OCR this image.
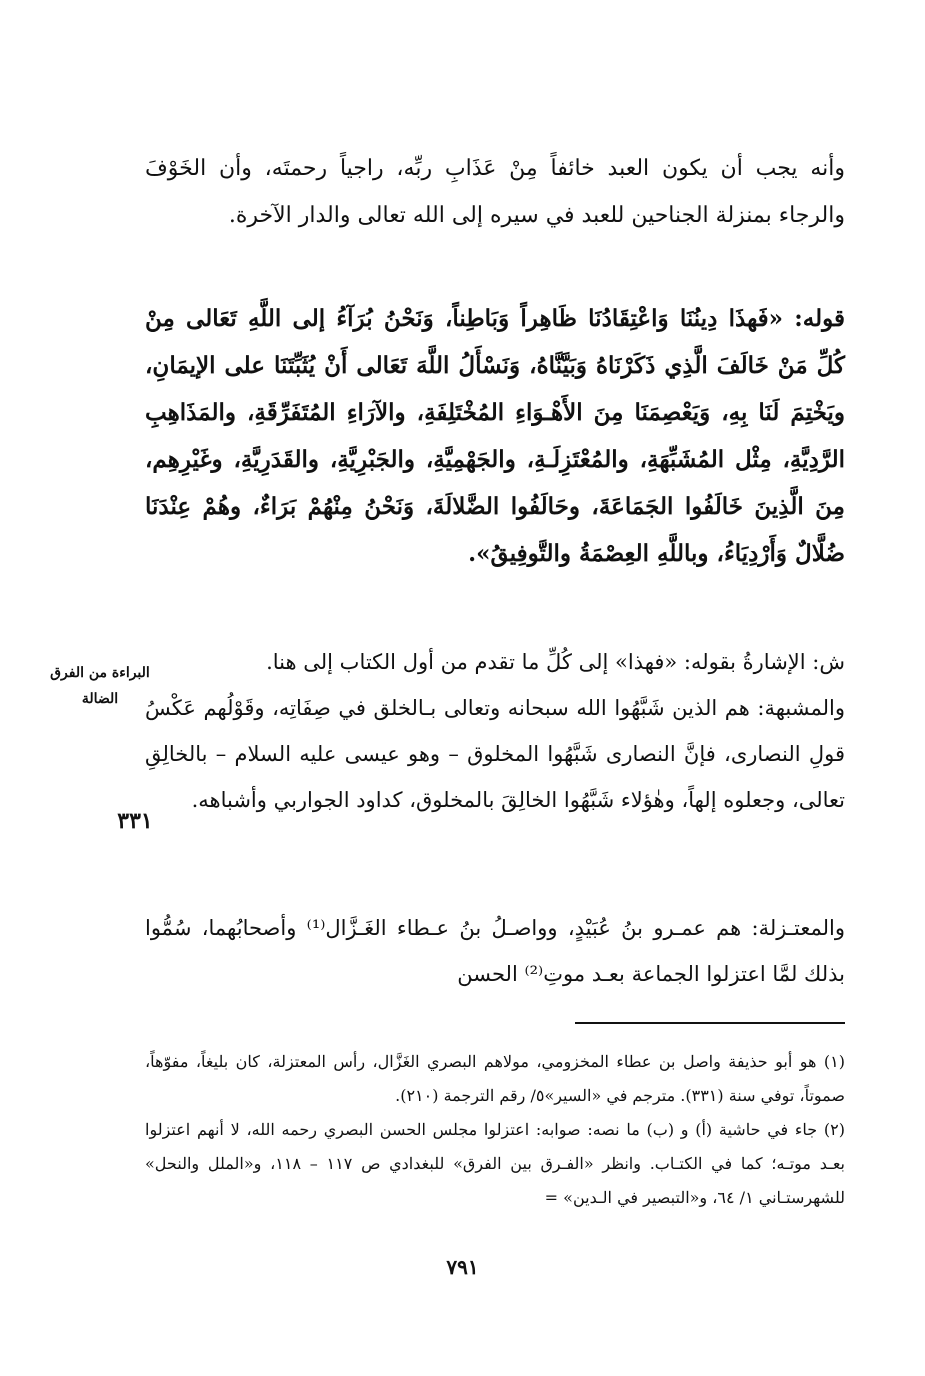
وأنه يجب أن يكون العبد خائفاً مِنْ عَذَابِ ربِّه، راجياً رحمتَه، وأن الخَوْفَ والرجاء بمنزلة الجناحين للعبد في سيره إلى الله تعالى والدار الآخرة.

قوله: «فَهذَا دِينُنَا وَاعْتِقَادُنَا ظَاهِراً وَبَاطِناً، وَنَحْنُ بُرَآءُ إلى اللَّهِ تَعَالى مِنْ كُلِّ مَنْ خَالَفَ الَّذِي ذَكَرْنَاهُ وَبَيَّنَّاهُ، وَنَسْأَلُ اللَّهَ تَعَالى أَنْ يُثَبِّتَنَا على الإيمَانِ، ويَخْتِمَ لَنَا بِهِ، وَيَعْصِمَنَا مِنَ الأَهْـوَاءِ المُخْتَلِفَةِ، والآرَاءِ المُتَفَرِّقَةِ، والمَذَاهِبِ الرَّدِيَّةِ، مِثْل المُشَبِّهَةِ، والمُعْتَزِلَـةِ، والجَهْمِيَّةِ، والجَبْرِيَّةِ، والقَدَرِيَّةِ، وغَيْرِهِم، مِنَ الَّذِينَ خَالَفُوا الجَمَاعَةَ، وحَالَفُوا الضَّلالَةَ، وَنَحْنُ مِنْهُمْ بَرَاءٌ، وهُمْ عِنْدَنَا ضُلَّالٌ وَأَرْدِيَاءُ، وباللَّهِ العِصْمَةُ والتَّوفِيقُ».

البراءة من الفرق الضالة

ش: الإشارةُ بقوله: «فهذا» إلى كُلِّ ما تقدم من أول الكتاب إلى هنا.

والمشبهة: هم الذين شَبَّهُوا الله سبحانه وتعالى بـالخلق في صِفَاتِه، وقَوْلُهم عَكْسُ قولِ النصارى، فإنَّ النصارى شَبَّهُوا المخلوق – وهو عيسى عليه السلام – بالخالِقِ تعالى، وجعلوه إلهاً، وهٰؤلاء شَبَّهُوا الخالِقَ بالمخلوق، كداود الجواربي وأشباهه.

٣٣١

والمعتـزلة: هم عمـرو بنُ عُبَيْدٍ، وواصـلُ بنُ عـطاء الغَـزَّال⁽¹⁾ وأصحابُهما، سُمُّوا بذلك لمَّا اعتزلوا الجماعة بعـد موتِ⁽²⁾ الحسن

(١) هو أبو حذيفة واصل بن عطاء المخزومي، مولاهم البصري الغَزَّال، رأس المعتزلة، كان بليغاً، مفوّهاً، صموتاً، توفي سنة (٣٣١). مترجم في «السير»٥/ رقم الترجمة (٢١٠).

(٢) جاء في حاشية (أ) و (ب) ما نصه: صوابه: اعتزلوا مجلس الحسن البصري رحمه الله، لا أنهم اعتزلوا بعـد موتـه؛ كما في الكتـاب. وانظر «الفـرق بين الفرق» للبغدادي ص ١١٧ – ١١٨، و«الملل والنحل» للشهرستـاني ١/ ٦٤، و«التبصير في الـدين» =

٧٩١
